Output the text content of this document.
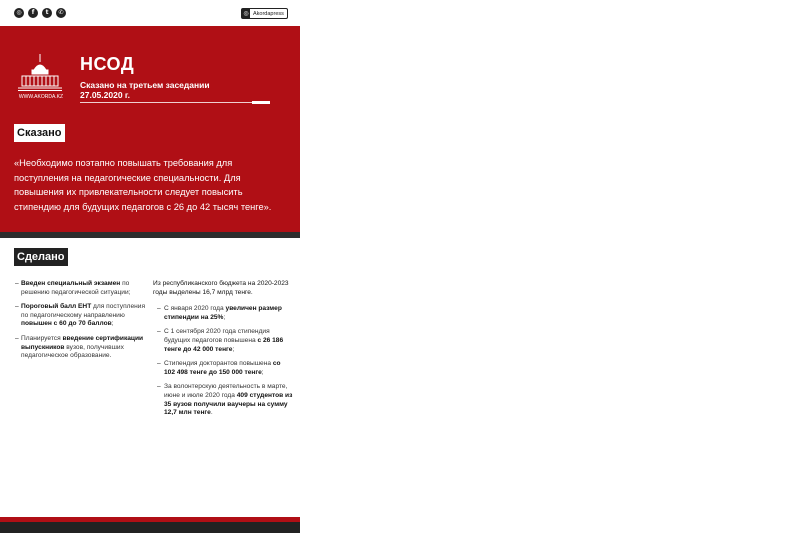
◎	f	t	✆	◎ Akordapress
WWW.AKORDA.KZ
НСОД
Сказано на третьем заседании
27.05.2020 г.
Сказано
«Необходимо поэтапно повышать требования для поступления на педагогические специальности. Для повышения их привлекательности следует повысить стипендию для будущих педагогов с 26 до 42 тысяч тенге».
Сделано
– Введен специальный экзамен по решению педагогической ситуации;
– Пороговый балл ЕНТ для поступления по педагогическому направлению повышен с 60 до 70 баллов;
– Планируется введение сертификации выпускников вузов, получивших педагогическое образование.
Из республиканского бюджета на 2020-2023 годы выделены 16,7 млрд тенге.
– С января 2020 года увеличен размер стипендии на 25%;
– С 1 сентября 2020 года стипендия будущих педагогов повышена с 26 186 тенге до 42 000 тенге;
– Стипендия докторантов повышена со 102 498 тенге до 150 000 тенге;
– За волонтерскую деятельность в марте, июне и июле 2020 года 409 студентов из 35 вузов получили ваучеры на сумму 12,7 млн тенге.
